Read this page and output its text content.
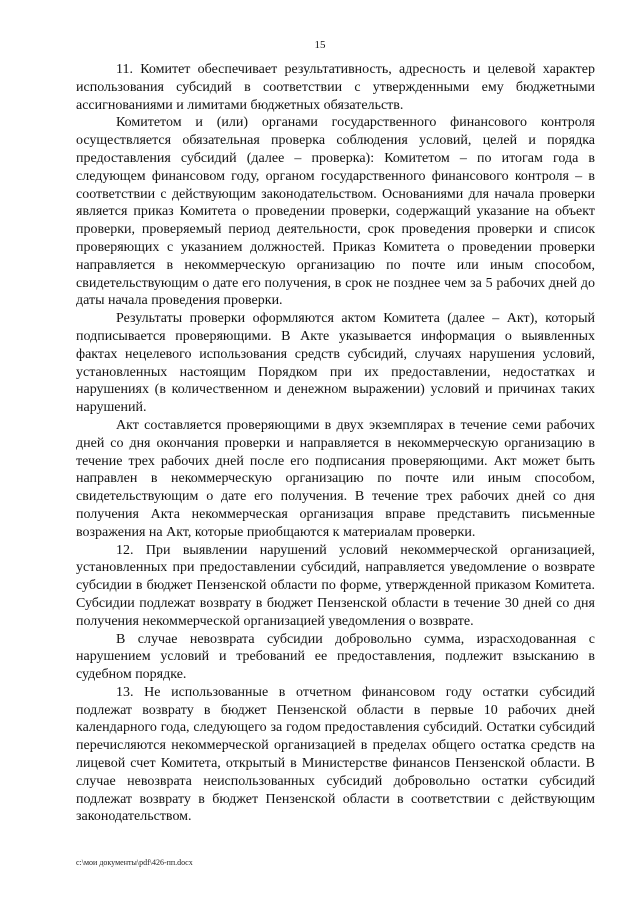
15

11. Комитет обеспечивает результативность, адресность и целевой характер использования субсидий в соответствии с утвержденными ему бюджетными ассигнованиями и лимитами бюджетных обязательств.

Комитетом и (или) органами государственного финансового контроля осуществляется обязательная проверка соблюдения условий, целей и порядка предоставления субсидий (далее – проверка): Комитетом – по итогам года в следующем финансовом году, органом государственного финансового контроля – в соответствии с действующим законодательством. Основаниями для начала проверки является приказ Комитета о проведении проверки, содержащий указание на объект проверки, проверяемый период деятельности, срок проведения проверки и список проверяющих с указанием должностей. Приказ Комитета о проведении проверки направляется в некоммерческую организацию по почте или иным способом, свидетельствующим о дате его получения, в срок не позднее чем за 5 рабочих дней до даты начала проведения проверки.

Результаты проверки оформляются актом Комитета (далее – Акт), который подписывается проверяющими. В Акте указывается информация о выявленных фактах нецелевого использования средств субсидий, случаях нарушения условий, установленных настоящим Порядком при их предоставлении, недостатках и нарушениях (в количественном и денежном выражении) условий и причинах таких нарушений.

Акт составляется проверяющими в двух экземплярах в течение семи рабочих дней со дня окончания проверки и направляется в некоммерческую организацию в течение трех рабочих дней после его подписания проверяющими. Акт может быть направлен в некоммерческую организацию по почте или иным способом, свидетельствующим о дате его получения. В течение трех рабочих дней со дня получения Акта некоммерческая организация вправе представить письменные возражения на Акт, которые приобщаются к материалам проверки.

12. При выявлении нарушений условий некоммерческой организацией, установленных при предоставлении субсидий, направляется уведомление о возврате субсидии в бюджет Пензенской области по форме, утвержденной приказом Комитета. Субсидии подлежат возврату в бюджет Пензенской области в течение 30 дней со дня получения некоммерческой организацией уведомления о возврате.

В случае невозврата субсидии добровольно сумма, израсходованная с нарушением условий и требований ее предоставления, подлежит взысканию в судебном порядке.

13. Не использованные в отчетном финансовом году остатки субсидий подлежат возврату в бюджет Пензенской области в первые 10 рабочих дней календарного года, следующего за годом предоставления субсидий. Остатки субсидий перечисляются некоммерческой организацией в пределах общего остатка средств на лицевой счет Комитета, открытый в Министерстве финансов Пензенской области. В случае невозврата неиспользованных субсидий добровольно остатки субсидий подлежат возврату в бюджет Пензенской области в соответствии с действующим законодательством.

c:\мои документы\pdf\426-пп.docx
